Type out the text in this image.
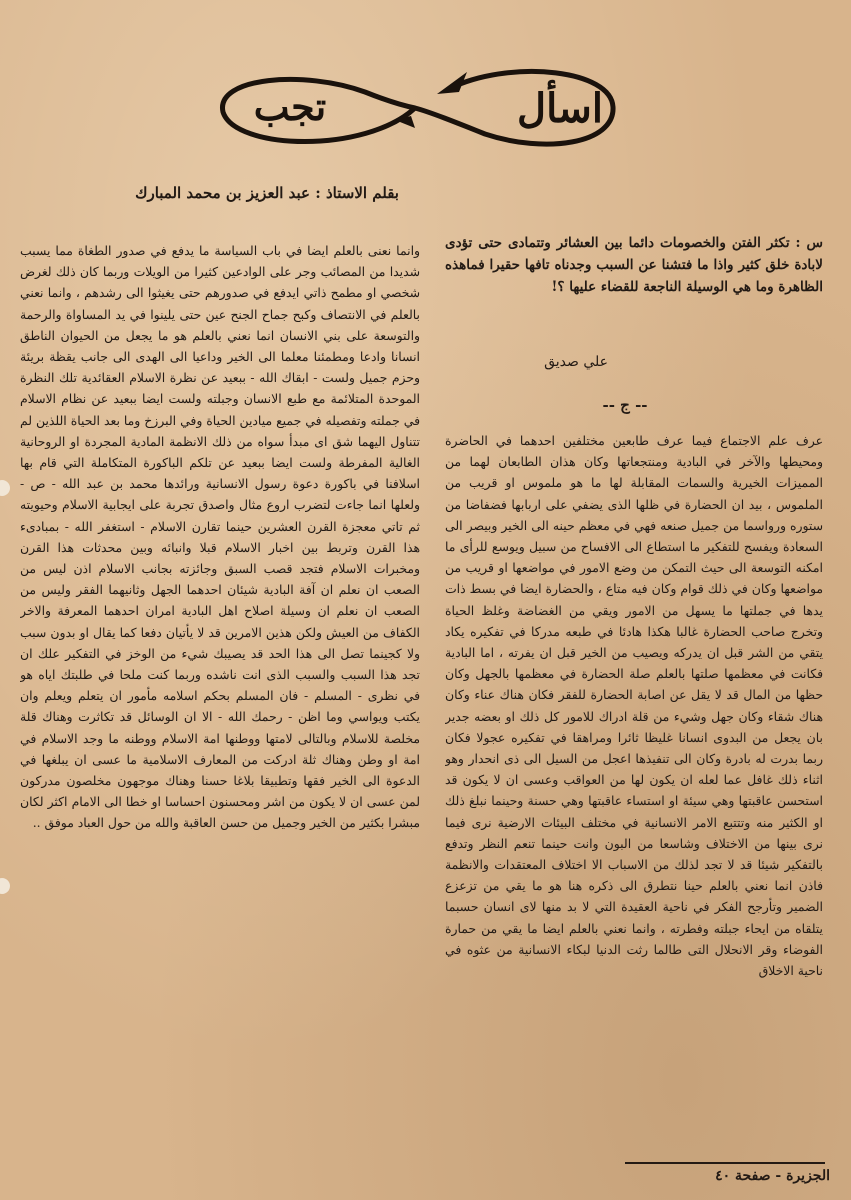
اسأل
تجب
بقلم الاستاذ : عبد العزيز بن محمد المبارك
س : تكثر الفتن والخصومات دائما بين العشائر وتتمادى حتى تؤدى لابادة خلق كثير واذا ما فتشنا عن السبب وجدناه تافها حقيرا فماهذه الظاهرة وما هي الوسيلة الناجعة للقضاء عليها ؟!
علي صديق
-- ج --
عرف علم الاجتماع فيما عرف طابعين مختلفين احدهما في الحاضرة ومحيطها والآخر في البادية ومنتجعاتها وكان هذان الطابعان لهما من المميزات الخيرية والسمات المقابلة لها ما هو ملموس او قريب من الملموس ، بيد ان الحضارة في ظلها الذى يضفي على اربابها فضفاضا من ستوره ورواسما من جميل صنعه فهي في معظم حينه الى الخير وبيصر الى السعادة ويفسح للتفكير ما استطاع الى الافساح من سبيل ويوسع للرأى ما امكنه التوسعة الى حيث التمكن من وضع الامور في مواضعها او قريب من مواضعها وكان في ذلك قوام وكان فيه متاع ، والحضارة ايضا في بسط ذات يدها في جملتها ما يسهل من الامور ويقي من الغضاضة وغلظ الحياة وتخرج صاحب الحضارة غالبا هكذا هادئا في طبعه مدركا في تفكيره يكاد يتقي من الشر قبل ان يدركه ويصيب من الخير قبل ان يفرته ، اما البادية فكانت في معظمها صلتها بالعلم صلة الحضارة في معظمها بالجهل وكان حظها من المال قد لا يقل عن اصابة الحضارة للفقر فكان هناك عناء وكان هناك شقاء وكان جهل وشيء من قلة ادراك للامور كل ذلك او بعضه جدير بان يجعل من البدوى انسانا غليظا ثائرا ومراهقا في تفكيره عجولا فكان ربما بدرت له بادرة وكان الى تنفيذها اعجل من السيل الى ذى انحدار وهو اثناء ذلك غافل عما لعله ان يكون لها من العواقب وعسى ان لا يكون قد استحسن عاقبتها وهي سيئة او استساء عاقبتها وهي حسنة وحينما نبلغ ذلك او الكثير منه وتتتبع الامر الانسانية في مختلف البيئات الارضية نرى فيما نرى بينها من الاختلاف وشاسعا من البون وانت حينما تنعم النظر وتدفع بالتفكير شيئا قد لا تجد لذلك من الاسباب الا اختلاف المعتقدات والانظمة فاذن انما نعني بالعلم حينا نتطرق الى ذكره هنا هو ما يقي من تزعزع الضمير وتأرجح الفكر في ناحية العقيدة التي لا بد منها لاى انسان حسبما يتلقاه من ايحاء جبلته وفطرته ، وانما نعني بالعلم ايضا ما يقي من حمارة الفوضاء وقر الانحلال التى طالما رثت الدنيا لبكاء الانسانية من عثوه في ناحية الاخلاق
وانما نعنى بالعلم ايضا في باب السياسة ما يدفع في صدور الطغاة مما يسبب شديدا من المصائب وجر على الوادعين كثيرا من الويلات وربما كان ذلك لغرض شخصي او مطمح ذاتي ايدفع في صدورهم حتى يغيثوا الى رشدهم ، وانما نعني بالعلم في الانتصاف وكبح جماح الجنح عين حتى يلينوا في يد المساواة والرحمة والتوسعة على بني الانسان انما نعني بالعلم هو ما يجعل من الحيوان الناطق انسانا وادعا ومطمئنا معلما الى الخير وداعيا الى الهدى الى جانب يقظة بريئة وحزم جميل ولست - ابقاك الله - ببعيد عن نظرة الاسلام العقائدية تلك النظرة الموحدة المتلائمة مع طبع الانسان وجبلته ولست ايضا ببعيد عن نظام الاسلام في جملته وتفصيله في جميع ميادين الحياة وفي البرزخ وما بعد الحياة اللذين لم تتناول اليهما شق اى مبدأ سواه من ذلك الانظمة المادية المجردة او الروحانية الغالية المفرطة ولست ايضا ببعيد عن تلكم الباكورة المتكاملة التي قام بها اسلافنا في باكورة دعوة رسول الانسانية ورائدها محمد بن عبد الله - ص - ولعلها انما جاءت لتضرب اروع مثال واصدق تجربة على ايجابية الاسلام وحيويته ثم تاتي معجزة القرن العشرين حينما تقارن الاسلام - استغفر الله - بمبادىء هذا القرن وتربط بين اخبار الاسلام قبلا وانبائه وبين محدثات هذا القرن ومخبرات الاسلام فتجد قصب السبق وجائزته بجانب الاسلام اذن ليس من الصعب ان نعلم ان آفة البادية شيئان احدهما الجهل وثانيهما الفقر وليس من الصعب ان نعلم ان وسيلة اصلاح اهل البادية امران احدهما المعرفة والاخر الكفاف من العيش ولكن هذين الامرين قد لا يأتيان دفعا كما يقال او بدون سبب ولا كجينما تصل الى هذا الحد قد يصيبك شيء من الوخز في التفكير علك ان تجد هذا السبب والسبب الذى انت ناشده وربما كنت ملحا في طلبتك اياه هو في نظرى - المسلم - فان المسلم بحكم اسلامه مأمور ان يتعلم ويعلم وان يكتب ويواسي وما اظن - رحمك الله - الا ان الوسائل قد تكاثرت وهناك قلة مخلصة للاسلام وبالتالى لامتها ووطنها امة الاسلام ووطنه ما وجد الاسلام في امة او وطن وهناك ثلة ادركت من المعارف الاسلامية ما عسى ان يبلغها في الدعوة الى الخير فقها وتطبيقا بلاغا حسنا وهناك موجهون مخلصون مدركون لمن عسى ان لا يكون من اشر ومحسنون احساسا او خطا الى الامام اكثر لكان مبشرا بكثير من الخير وجميل من حسن العاقبة والله من حول العباد موفق ..
الجزيرة - صفحة ٤٠
